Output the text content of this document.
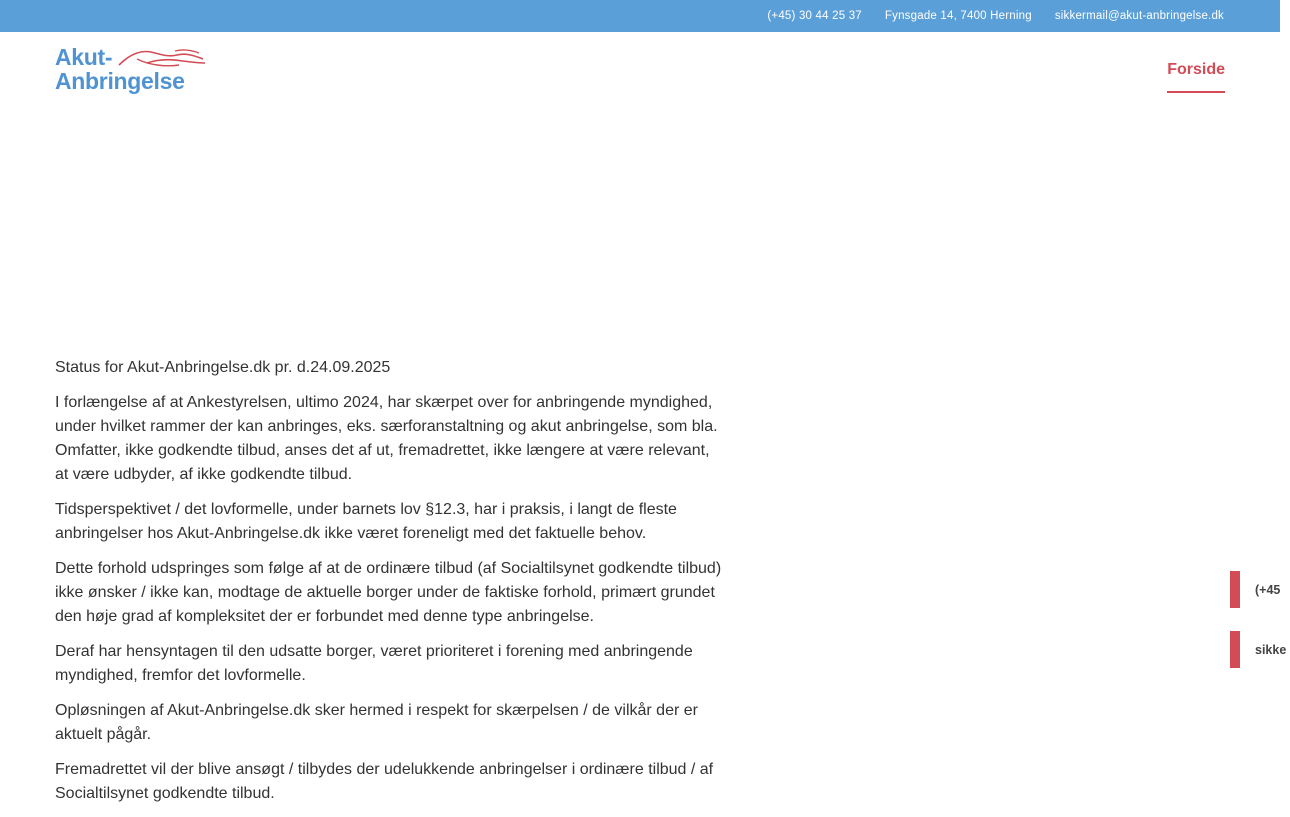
(+45) 30 44 25 37 Fynsgade 14, 7400 Herning sikkermail@akut-anbringelse.dk
Akut-
Anbringelse	Forside

Status for Akut-Anbringelse.dk pr. d.24.09.2025

I forlængelse af at Ankestyrelsen, ultimo 2024, har skærpet over for anbringende myndighed, under hvilket rammer der kan anbringes, eks. særforanstaltning og akut anbringelse, som bla. Omfatter, ikke godkendte tilbud, anses det af ut, fremadrettet, ikke længere at være relevant, at være udbyder, af ikke godkendte tilbud.

Tidsperspektivet / det lovformelle, under barnets lov §12.3, har i praksis, i langt de fleste anbringelser hos Akut-Anbringelse.dk ikke været foreneligt med det faktuelle behov.

Dette forhold udspringes som følge af at de ordinære tilbud (af Socialtilsynet godkendte tilbud) ikke ønsker / ikke kan, modtage de aktuelle borger under de faktiske forhold, primært grundet den høje grad af kompleksitet der er forbundet med denne type anbringelse.

Deraf har hensyntagen til den udsatte borger, været prioriteret i forening med anbringende myndighed, fremfor det lovformelle.

Opløsningen af Akut-Anbringelse.dk sker hermed i respekt for skærpelsen / de vilkår der er aktuelt pågår.

Fremadrettet vil der blive ansøgt / tilbydes der udelukkende anbringelser i ordinære tilbud / af Socialtilsynet godkendte tilbud.

(+45
sikke
